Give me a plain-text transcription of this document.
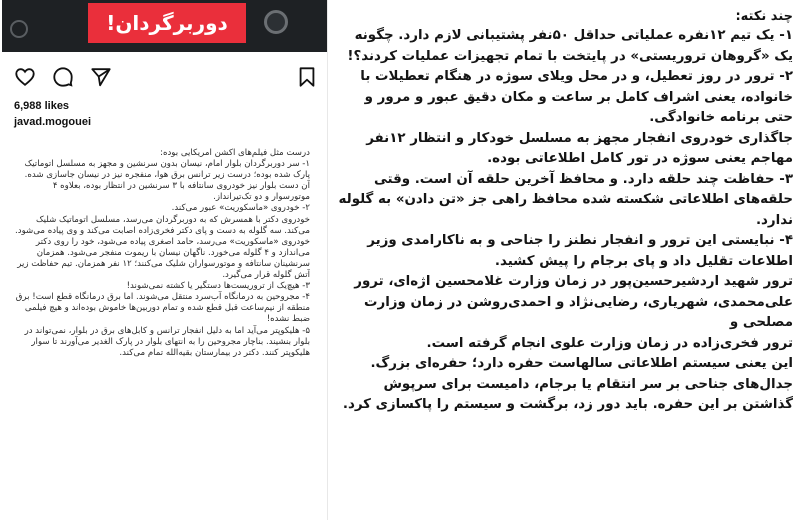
دوربرگردان!
6,988 likes
javad.mogouei
درست مثل فیلم‌های اکشن آمریکایی بوده:
۱- سر دوربرگردان بلوار امام، نیسان بدون سرنشین و مجهز به مسلسل اتوماتیک پارک شده بوده؛ درست زیر ترانس برق هوا، منفجره نیز در نیسان جاسازی شده.
آن دست بلوار نیز خودروی سانتافه با ۳ سرنشین در انتظار بوده، بعلاوه ۴ موتورسوار و دو تک‌تیرانداز.
۲- خودروی «ماسکوریت» عبور می‌کند.
خودروی دکتر با همسرش که به دوربرگردان می‌رسد، مسلسل اتوماتیک شلیک می‌کند. سه گلوله به دست و پای دکتر فخری‌زاده اصابت می‌کند و وی پیاده می‌شود.
خودروی «ماسکوریت» می‌رسد، حامد اصغری پیاده می‌شود، خود را روی دکتر می‌اندازد و ۴ گلوله می‌خورد. ناگهان نیسان با ریموت منفجر می‌شود. همزمان سرنشینان سانتافه و موتورسواران شلیک می‌کنند؛ ۱۲ نفر همزمان. تیم حفاظت زیر آتش گلوله قرار می‌گیرد.
۳- هیچ‌یک از تروریست‌ها دستگیر یا کشته نمی‌شوند!
۴- مجروحین به درمانگاه آب‌سرد منتقل می‌شوند. اما برق درمانگاه قطع است! برق منطقه از نیم‌ساعت قبل قطع شده و تمام دوربین‌ها خاموش بوده‌اند و هیچ فیلمی ضبط نشده!
۵- هلیکوپتر می‌آید اما به دلیل انفجار ترانس و کابل‌های برق در بلوار، نمی‌تواند در بلوار بنشیند. بناچار مجروحین را به انتهای بلوار در پارک الغدیر می‌آورند تا سوار هلیکوپتر کنند. دکتر در بیمارستان بقیه‌الله تمام می‌کند.
چند نکته:
۱- یک تیم ۱۲نفره عملیاتی حداقل ۵۰نفر پشتیبانی لازم دارد. چگونه یک «گروهان تروریستی» در پایتخت با تمام تجهیزات عملیات کردند؟!
۲- ترور در روز تعطیل، و در محل ویلای سوژه در هنگام تعطیلات با خانواده، یعنی اشراف کامل بر ساعت و مکان دقیق عبور و مرور و حتی برنامه خانوادگی.
جاگذاری خودروی انفجار مجهز به مسلسل خودکار و انتظار ۱۲نفر مهاجم یعنی سوژه در تور کامل اطلاعاتی بوده.
۳- حفاظت چند حلقه دارد. و محافظ آخرین حلقه آن است. وقتی حلقه‌های اطلاعاتی شکسته شده محافظ راهی جز «تن دادن» به گلوله ندارد.
۴- نبایستی این ترور و انفجار نطنز را جناحی و به ناکارامدی وزیر اطلاعات تقلیل داد و پای برجام را پیش کشید.
ترور شهید اردشیرحسین‌پور در زمان وزارت غلامحسین اژه‌ای، ترور علی‌محمدی، شهریاری، رضایی‌نژاد و احمدی‌روشن در زمان وزارت مصلحی و
ترور فخری‌زاده در زمان وزارت علوی انجام گرفته است.
این یعنی سیستم اطلاعاتی سالهاست حفره دارد؛ حفره‌ای بزرگ. جدال‌های جناحی بر سر انتقام یا برجام، دامیست برای سرپوش گذاشتن بر این حفره. باید دور زد، برگشت و سیستم را پاکسازی کرد.
